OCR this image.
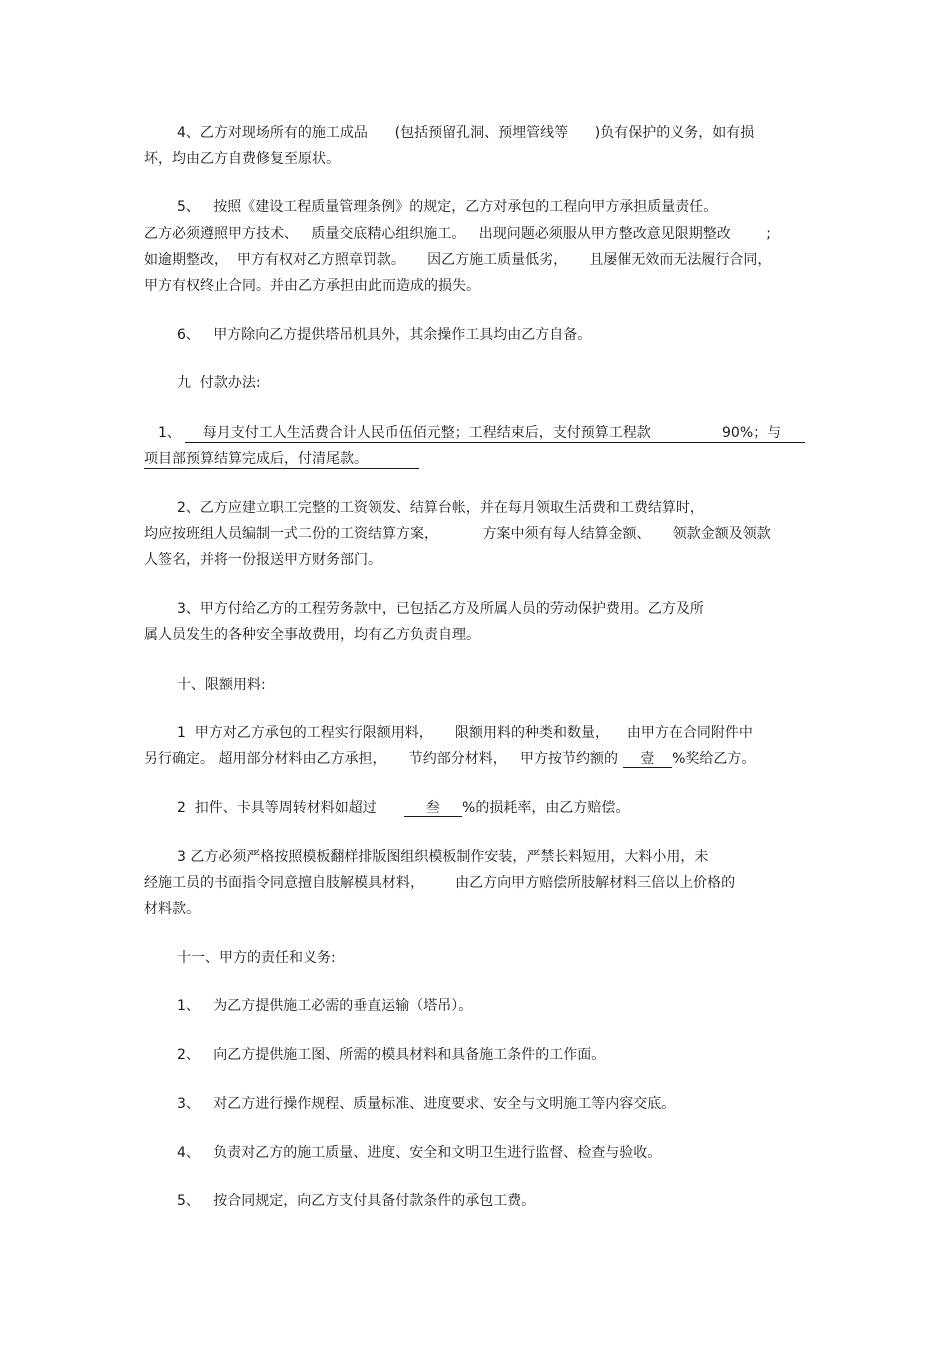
4、乙方对现场所有的施工成品      (包括预留孔洞、预埋管线等      )负有保护的义务，如有损
坏，均由乙方自费修复至原状。
5、   按照《建设工程质量管理条例》的规定，乙方对承包的工程向甲方承担质量责任。
乙方必须遵照甲方技术、   质量交底精心组织施工。   出现问题必须服从甲方整改意见限期整改        ;
如逾期整改，  甲方有权对乙方照章罚款。     因乙方施工质量低劣，     且屡催无效而无法履行合同，
甲方有权终止合同。并由乙方承担由此而造成的损失。
6、   甲方除向乙方提供塔吊机具外，其余操作工具均由乙方自备。
九  付款办法:
1、 每月支付工人生活费合计人民币伍佰元整；工程结束后，支付预算工程款                90%；与
项目部预算结算完成后，付清尾款。
2、乙方应建立职工完整的工资领发、结算台帐，并在每月领取生活费和工费结算时，
均应按班组人员编制一式二份的工资结算方案，          方案中须有每人结算金额、     领款金额及领款
人签名，并将一份报送甲方财务部门。
3、甲方付给乙方的工程劳务款中，已包括乙方及所属人员的劳动保护费用。乙方及所
属人员发生的各种安全事故费用，均有乙方负责自理。
十、限额用料:
1  甲方对乙方承包的工程实行限额用料，     限额用料的种类和数量，    由甲方在合同附件中
另行确定。 超用部分材料由乙方承担，     节约部分材料，   甲方按节约额的     壹    %奖给乙方。
2  扣件、卡具等周转材料如超过           叁     %的损耗率，由乙方赔偿。
3 乙方必须严格按照模板翻样排版图组织模板制作安装，严禁长料短用，大料小用，未
经施工员的书面指令同意擅自肢解模具材料，       由乙方向甲方赔偿所肢解材料三倍以上价格的
材料款。
十一、甲方的责任和义务:
1、   为乙方提供施工必需的垂直运输（塔吊）。
2、   向乙方提供施工图、所需的模具材料和具备施工条件的工作面。
3、   对乙方进行操作规程、质量标准、进度要求、安全与文明施工等内容交底。
4、   负责对乙方的施工质量、进度、安全和文明卫生进行监督、检查与验收。
5、   按合同规定，向乙方支付具备付款条件的承包工费。
